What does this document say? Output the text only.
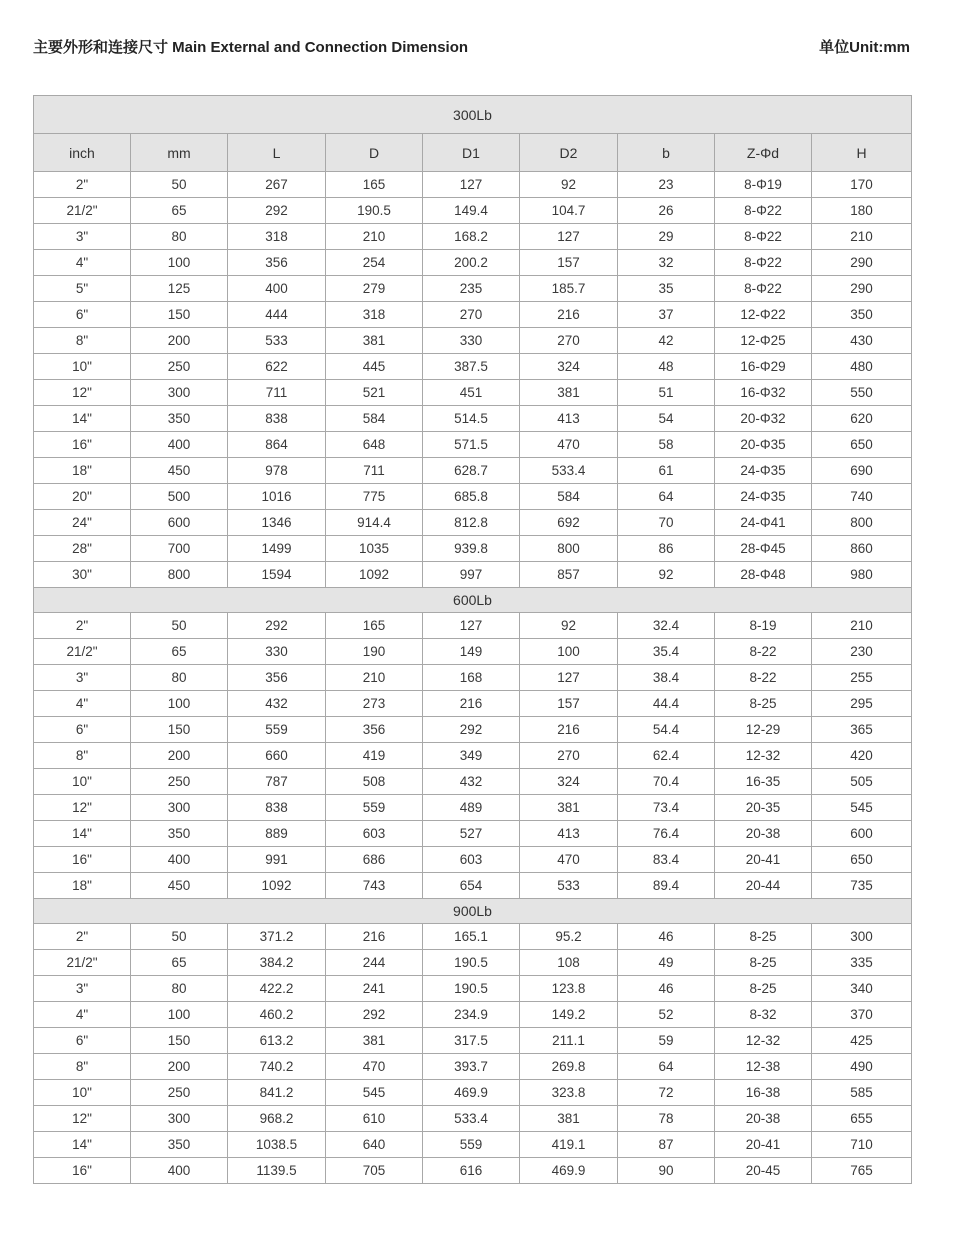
主要外形和连接尺寸 Main External and Connection Dimension	单位Unit:mm
300Lb								
inch	mm	L	D	D1	D2	b	Z-Φd	H
2"	50	267	165	127	92	23	8-Φ19	170
21/2"	65	292	190.5	149.4	104.7	26	8-Φ22	180
3"	80	318	210	168.2	127	29	8-Φ22	210
4"	100	356	254	200.2	157	32	8-Φ22	290
5"	125	400	279	235	185.7	35	8-Φ22	290
6"	150	444	318	270	216	37	12-Φ22	350
8"	200	533	381	330	270	42	12-Φ25	430
10"	250	622	445	387.5	324	48	16-Φ29	480
12"	300	711	521	451	381	51	16-Φ32	550
14"	350	838	584	514.5	413	54	20-Φ32	620
16"	400	864	648	571.5	470	58	20-Φ35	650
18"	450	978	711	628.7	533.4	61	24-Φ35	690
20"	500	1016	775	685.8	584	64	24-Φ35	740
24"	600	1346	914.4	812.8	692	70	24-Φ41	800
28"	700	1499	1035	939.8	800	86	28-Φ45	860
30"	800	1594	1092	997	857	92	28-Φ48	980
600Lb								
2"	50	292	165	127	92	32.4	8-19	210
21/2"	65	330	190	149	100	35.4	8-22	230
3"	80	356	210	168	127	38.4	8-22	255
4"	100	432	273	216	157	44.4	8-25	295
6"	150	559	356	292	216	54.4	12-29	365
8"	200	660	419	349	270	62.4	12-32	420
10"	250	787	508	432	324	70.4	16-35	505
12"	300	838	559	489	381	73.4	20-35	545
14"	350	889	603	527	413	76.4	20-38	600
16"	400	991	686	603	470	83.4	20-41	650
18"	450	1092	743	654	533	89.4	20-44	735
900Lb								
2"	50	371.2	216	165.1	95.2	46	8-25	300
21/2"	65	384.2	244	190.5	108	49	8-25	335
3"	80	422.2	241	190.5	123.8	46	8-25	340
4"	100	460.2	292	234.9	149.2	52	8-32	370
6"	150	613.2	381	317.5	211.1	59	12-32	425
8"	200	740.2	470	393.7	269.8	64	12-38	490
10"	250	841.2	545	469.9	323.8	72	16-38	585
12"	300	968.2	610	533.4	381	78	20-38	655
14"	350	1038.5	640	559	419.1	87	20-41	710
16"	400	1139.5	705	616	469.9	90	20-45	765
